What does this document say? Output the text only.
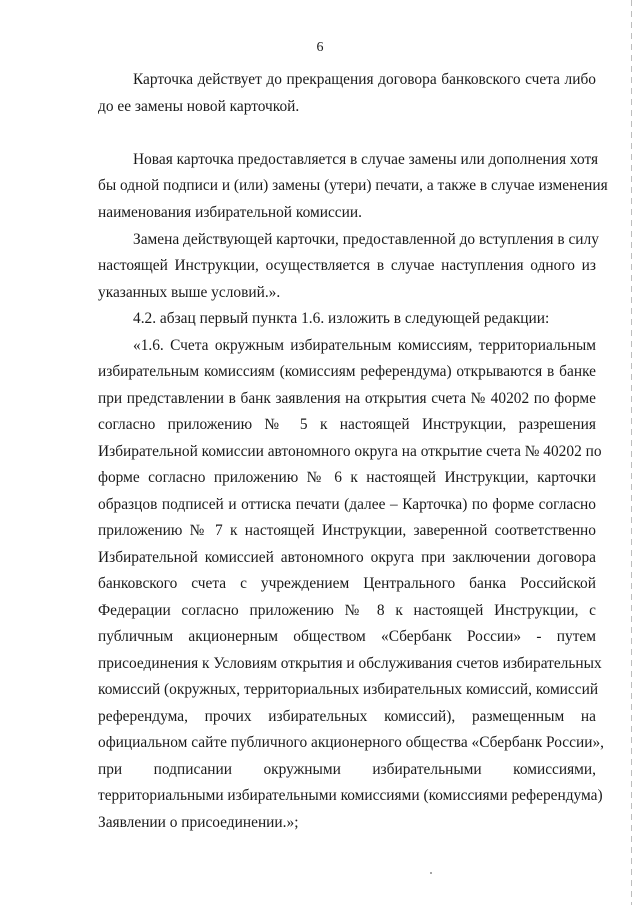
6
Карточка действует до прекращения договора банковского счета либо
до ее замены новой карточкой.
Новая карточка предоставляется в случае замены или дополнения хотя
бы одной подписи и (или) замены (утери) печати, а также в случае изменения
наименования избирательной комиссии.
Замена действующей карточки, предоставленной до вступления в силу
настоящей Инструкции, осуществляется в случае наступления одного из
указанных выше условий.».
4.2. абзац первый пункта 1.6. изложить в следующей редакции:
«1.6. Счета окружным избирательным комиссиям, территориальным
избирательным комиссиям (комиссиям референдума) открываются в банке
при представлении в банк заявления на открытия счета № 40202 по форме
согласно приложению № 5 к настоящей Инструкции, разрешения
Избирательной комиссии автономного округа на открытие счета № 40202 по
форме согласно приложению № 6 к настоящей Инструкции, карточки
образцов подписей и оттиска печати (далее – Карточка) по форме согласно
приложению № 7 к настоящей Инструкции, заверенной соответственно
Избирательной комиссией автономного округа при заключении договора
банковского счета с учреждением Центрального банка Российской
Федерации согласно приложению № 8 к настоящей Инструкции, с
публичным акционерным обществом «Сбербанк России» - путем
присоединения к Условиям открытия и обслуживания счетов избирательных
комиссий (окружных, территориальных избирательных комиссий, комиссий
референдума, прочих избирательных комиссий), размещенным на
официальном сайте публичного акционерного общества «Сбербанк России»,
при подписании окружными избирательными комиссиями,
территориальными избирательными комиссиями (комиссиями референдума)
Заявлении о присоединении.»;
